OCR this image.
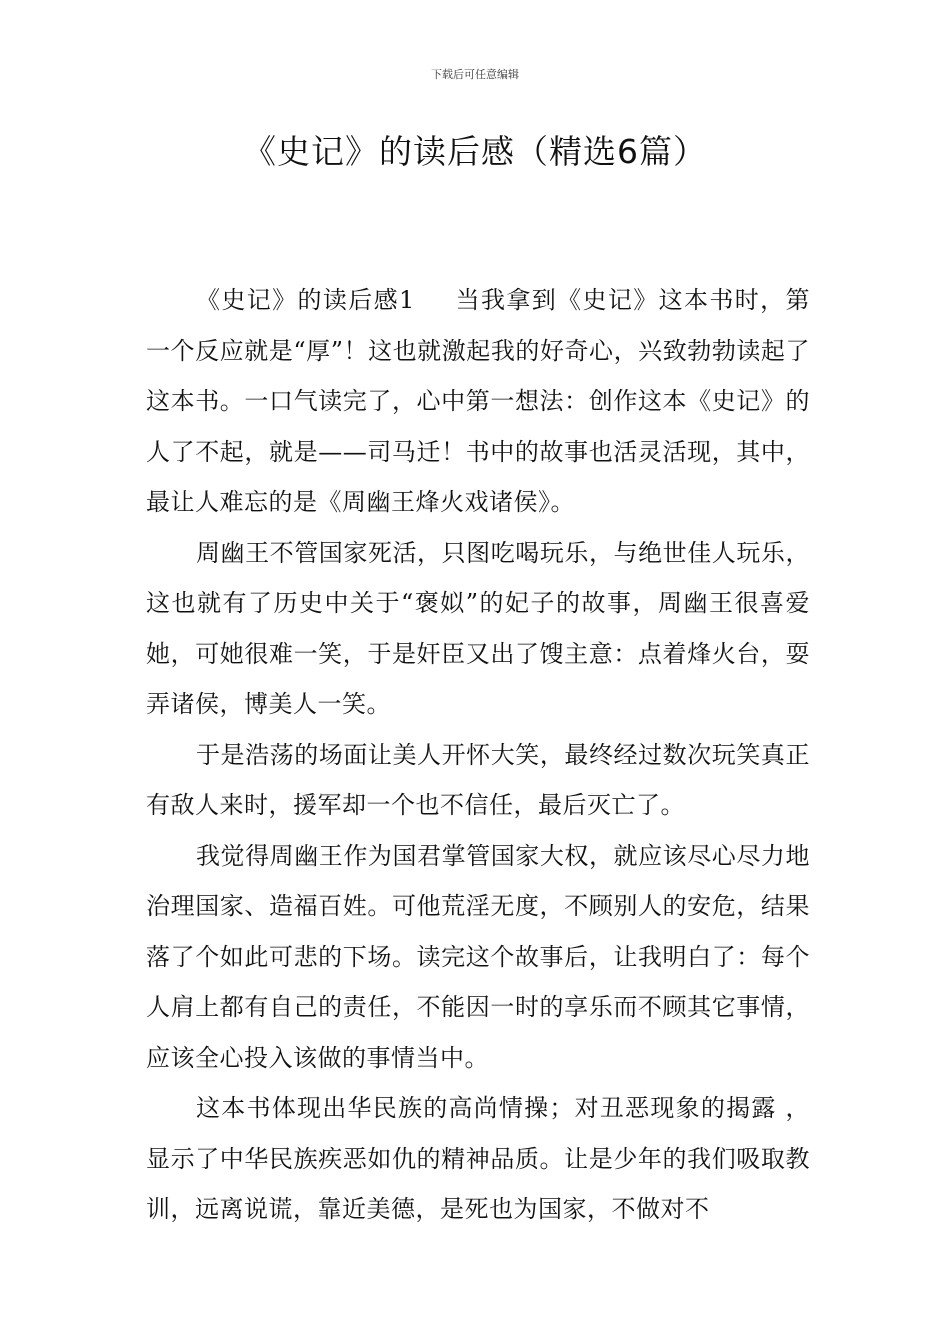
下载后可任意编辑
《史记》的读后感（精选6篇）

《史记》的读后感1 当我拿到《史记》这本书时，第一个反应就是“厚”！这也就激起我的好奇心，兴致勃勃读起了这本书。一口气读完了，心中第一想法：创作这本《史记》的人了不起，就是——司马迁！书中的故事也活灵活现，其中，最让人难忘的是《周幽王烽火戏诸侯》。

周幽王不管国家死活，只图吃喝玩乐，与绝世佳人玩乐，这也就有了历史中关于“褒姒”的妃子的故事，周幽王很喜爱她，可她很难一笑，于是奸臣又出了馊主意：点着烽火台，耍弄诸侯，博美人一笑。

于是浩荡的场面让美人开怀大笑，最终经过数次玩笑真正有敌人来时，援军却一个也不信任，最后灭亡了。

我觉得周幽王作为国君掌管国家大权，就应该尽心尽力地治理国家、造福百姓。可他荒淫无度，不顾别人的安危，结果落了个如此可悲的下场。读完这个故事后，让我明白了：每个人肩上都有自己的责任，不能因一时的享乐而不顾其它事情，应该全心投入该做的事情当中。

这本书体现出华民族的高尚情操；对丑恶现象的揭露 ，显示了中华民族疾恶如仇的精神品质。让是少年的我们吸取教训，远离说谎，靠近美德，是死也为国家，不做对不
